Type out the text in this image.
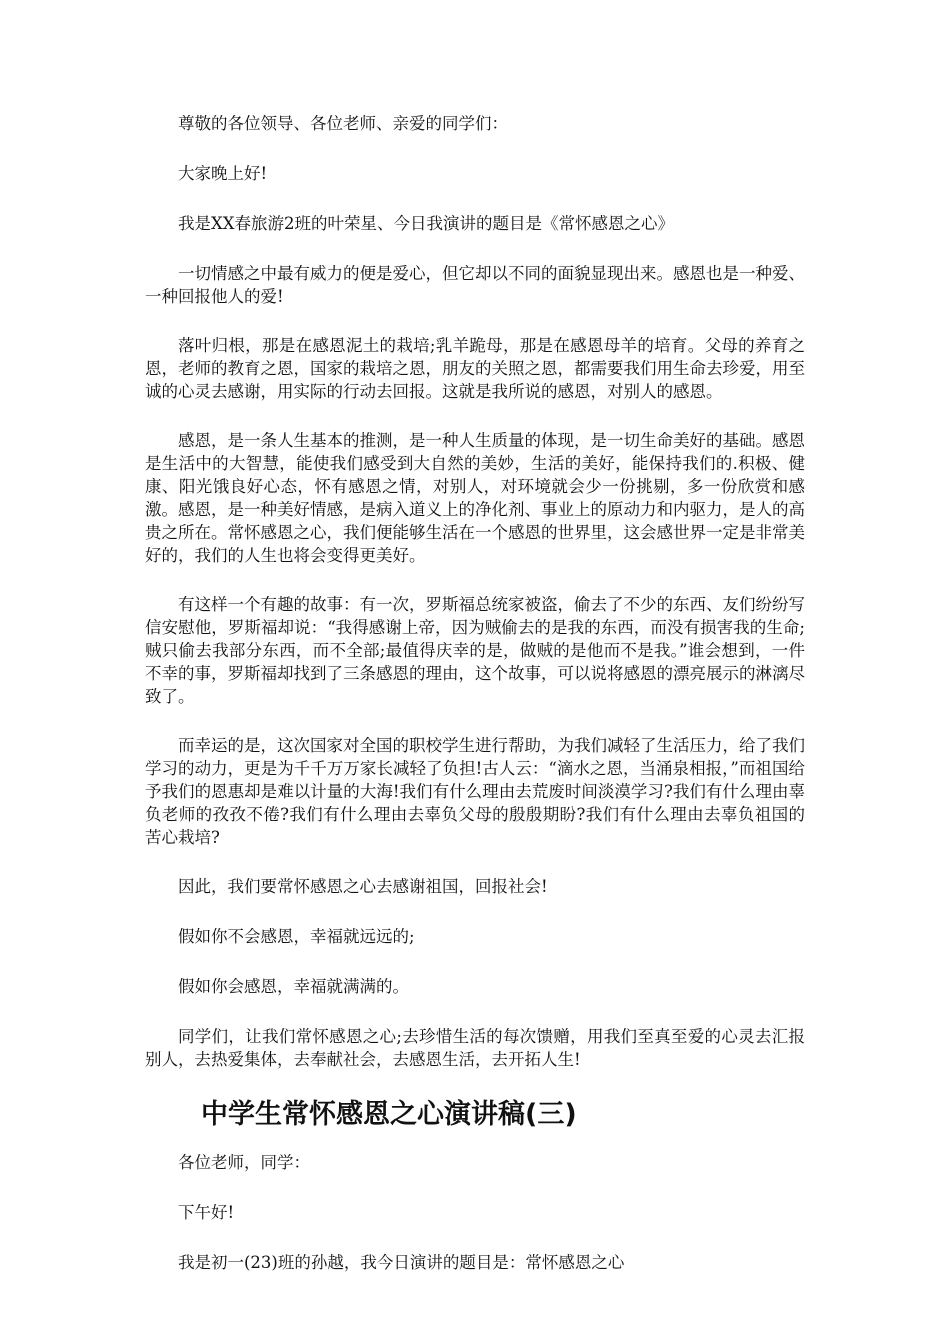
尊敬的各位领导、各位老师、亲爱的同学们：

大家晚上好!

我是XX春旅游2班的叶荣星、今日我演讲的题目是《常怀感恩之心》

一切情感之中最有威力的便是爱心，但它却以不同的面貌显现出来。感恩也是一种爱、一种回报他人的爱!

落叶归根，那是在感恩泥土的栽培;乳羊跪母，那是在感恩母羊的培育。父母的养育之恩，老师的教育之恩，国家的栽培之恩，朋友的关照之恩，都需要我们用生命去珍爱，用至诚的心灵去感谢，用实际的行动去回报。这就是我所说的感恩，对别人的感恩。

感恩，是一条人生基本的推测，是一种人生质量的体现，是一切生命美好的基础。感恩是生活中的大智慧，能使我们感受到大自然的美妙，生活的美好，能保持我们的.积极、健康、阳光饿良好心态，怀有感恩之情，对别人，对环境就会少一份挑剔，多一份欣赏和感激。感恩，是一种美好情感，是病入道义上的净化剂、事业上的原动力和内驱力，是人的高贵之所在。常怀感恩之心，我们便能够生活在一个感恩的世界里，这会感世界一定是非常美好的，我们的人生也将会变得更美好。

有这样一个有趣的故事：有一次，罗斯福总统家被盗，偷去了不少的东西、友们纷纷写信安慰他，罗斯福却说：“我得感谢上帝，因为贼偷去的是我的东西，而没有损害我的生命;贼只偷去我部分东西，而不全部;最值得庆幸的是，做贼的是他而不是我。”谁会想到，一件不幸的事，罗斯福却找到了三条感恩的理由，这个故事，可以说将感恩的漂亮展示的淋漓尽致了。

而幸运的是，这次国家对全国的职校学生进行帮助，为我们减轻了生活压力，给了我们学习的动力，更是为千千万万家长减轻了负担!古人云：“滴水之恩，当涌泉相报，”而祖国给予我们的恩惠却是难以计量的大海!我们有什么理由去荒废时间淡漠学习?我们有什么理由辜负老师的孜孜不倦?我们有什么理由去辜负父母的殷殷期盼?我们有什么理由去辜负祖国的苦心栽培?

因此，我们要常怀感恩之心去感谢祖国，回报社会!

假如你不会感恩，幸福就远远的;

假如你会感恩，幸福就满满的。

同学们，让我们常怀感恩之心;去珍惜生活的每次馈赠，用我们至真至爱的心灵去汇报别人，去热爱集体，去奉献社会，去感恩生活，去开拓人生!

中学生常怀感恩之心演讲稿(三)

各位老师，同学：

下午好!

我是初一(23)班的孙越，我今日演讲的题目是：常怀感恩之心
